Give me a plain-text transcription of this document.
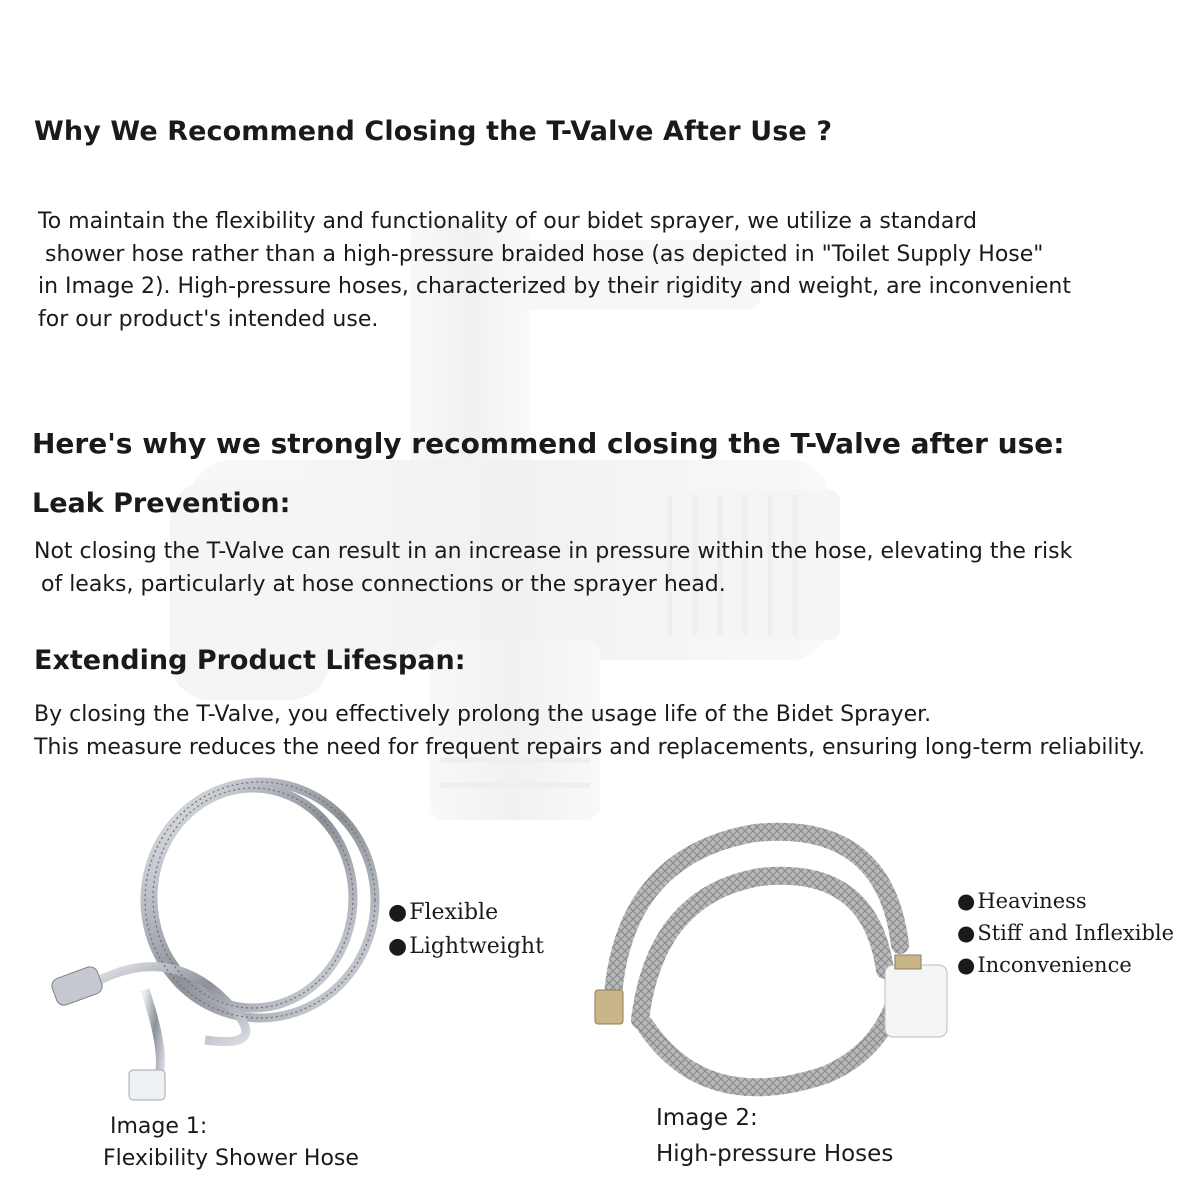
Why We Recommend Closing the T-Valve After Use ?
To maintain the flexibility and functionality of our bidet sprayer, we utilize a standard
shower hose rather than a high-pressure braided hose (as depicted in "Toilet Supply Hose"
in Image 2). High-pressure hoses, characterized by their rigidity and weight, are inconvenient
for our product's intended use.
Here's why we strongly recommend closing the T-Valve after use:
Leak Prevention:
Not closing the T-Valve can result in an increase in pressure within the hose, elevating the risk
of leaks, particularly at hose connections or the sprayer head.
Extending Product Lifespan:
By closing the T-Valve, you effectively prolong the usage life of the Bidet Sprayer.
This measure reduces the need for frequent repairs and replacements, ensuring long-term reliability.
● Flexible
● Lightweight
Image 1:
Flexibility Shower Hose
● Heaviness
● Stiff and Inflexible
● Inconvenience
Image 2:
High-pressure Hoses
